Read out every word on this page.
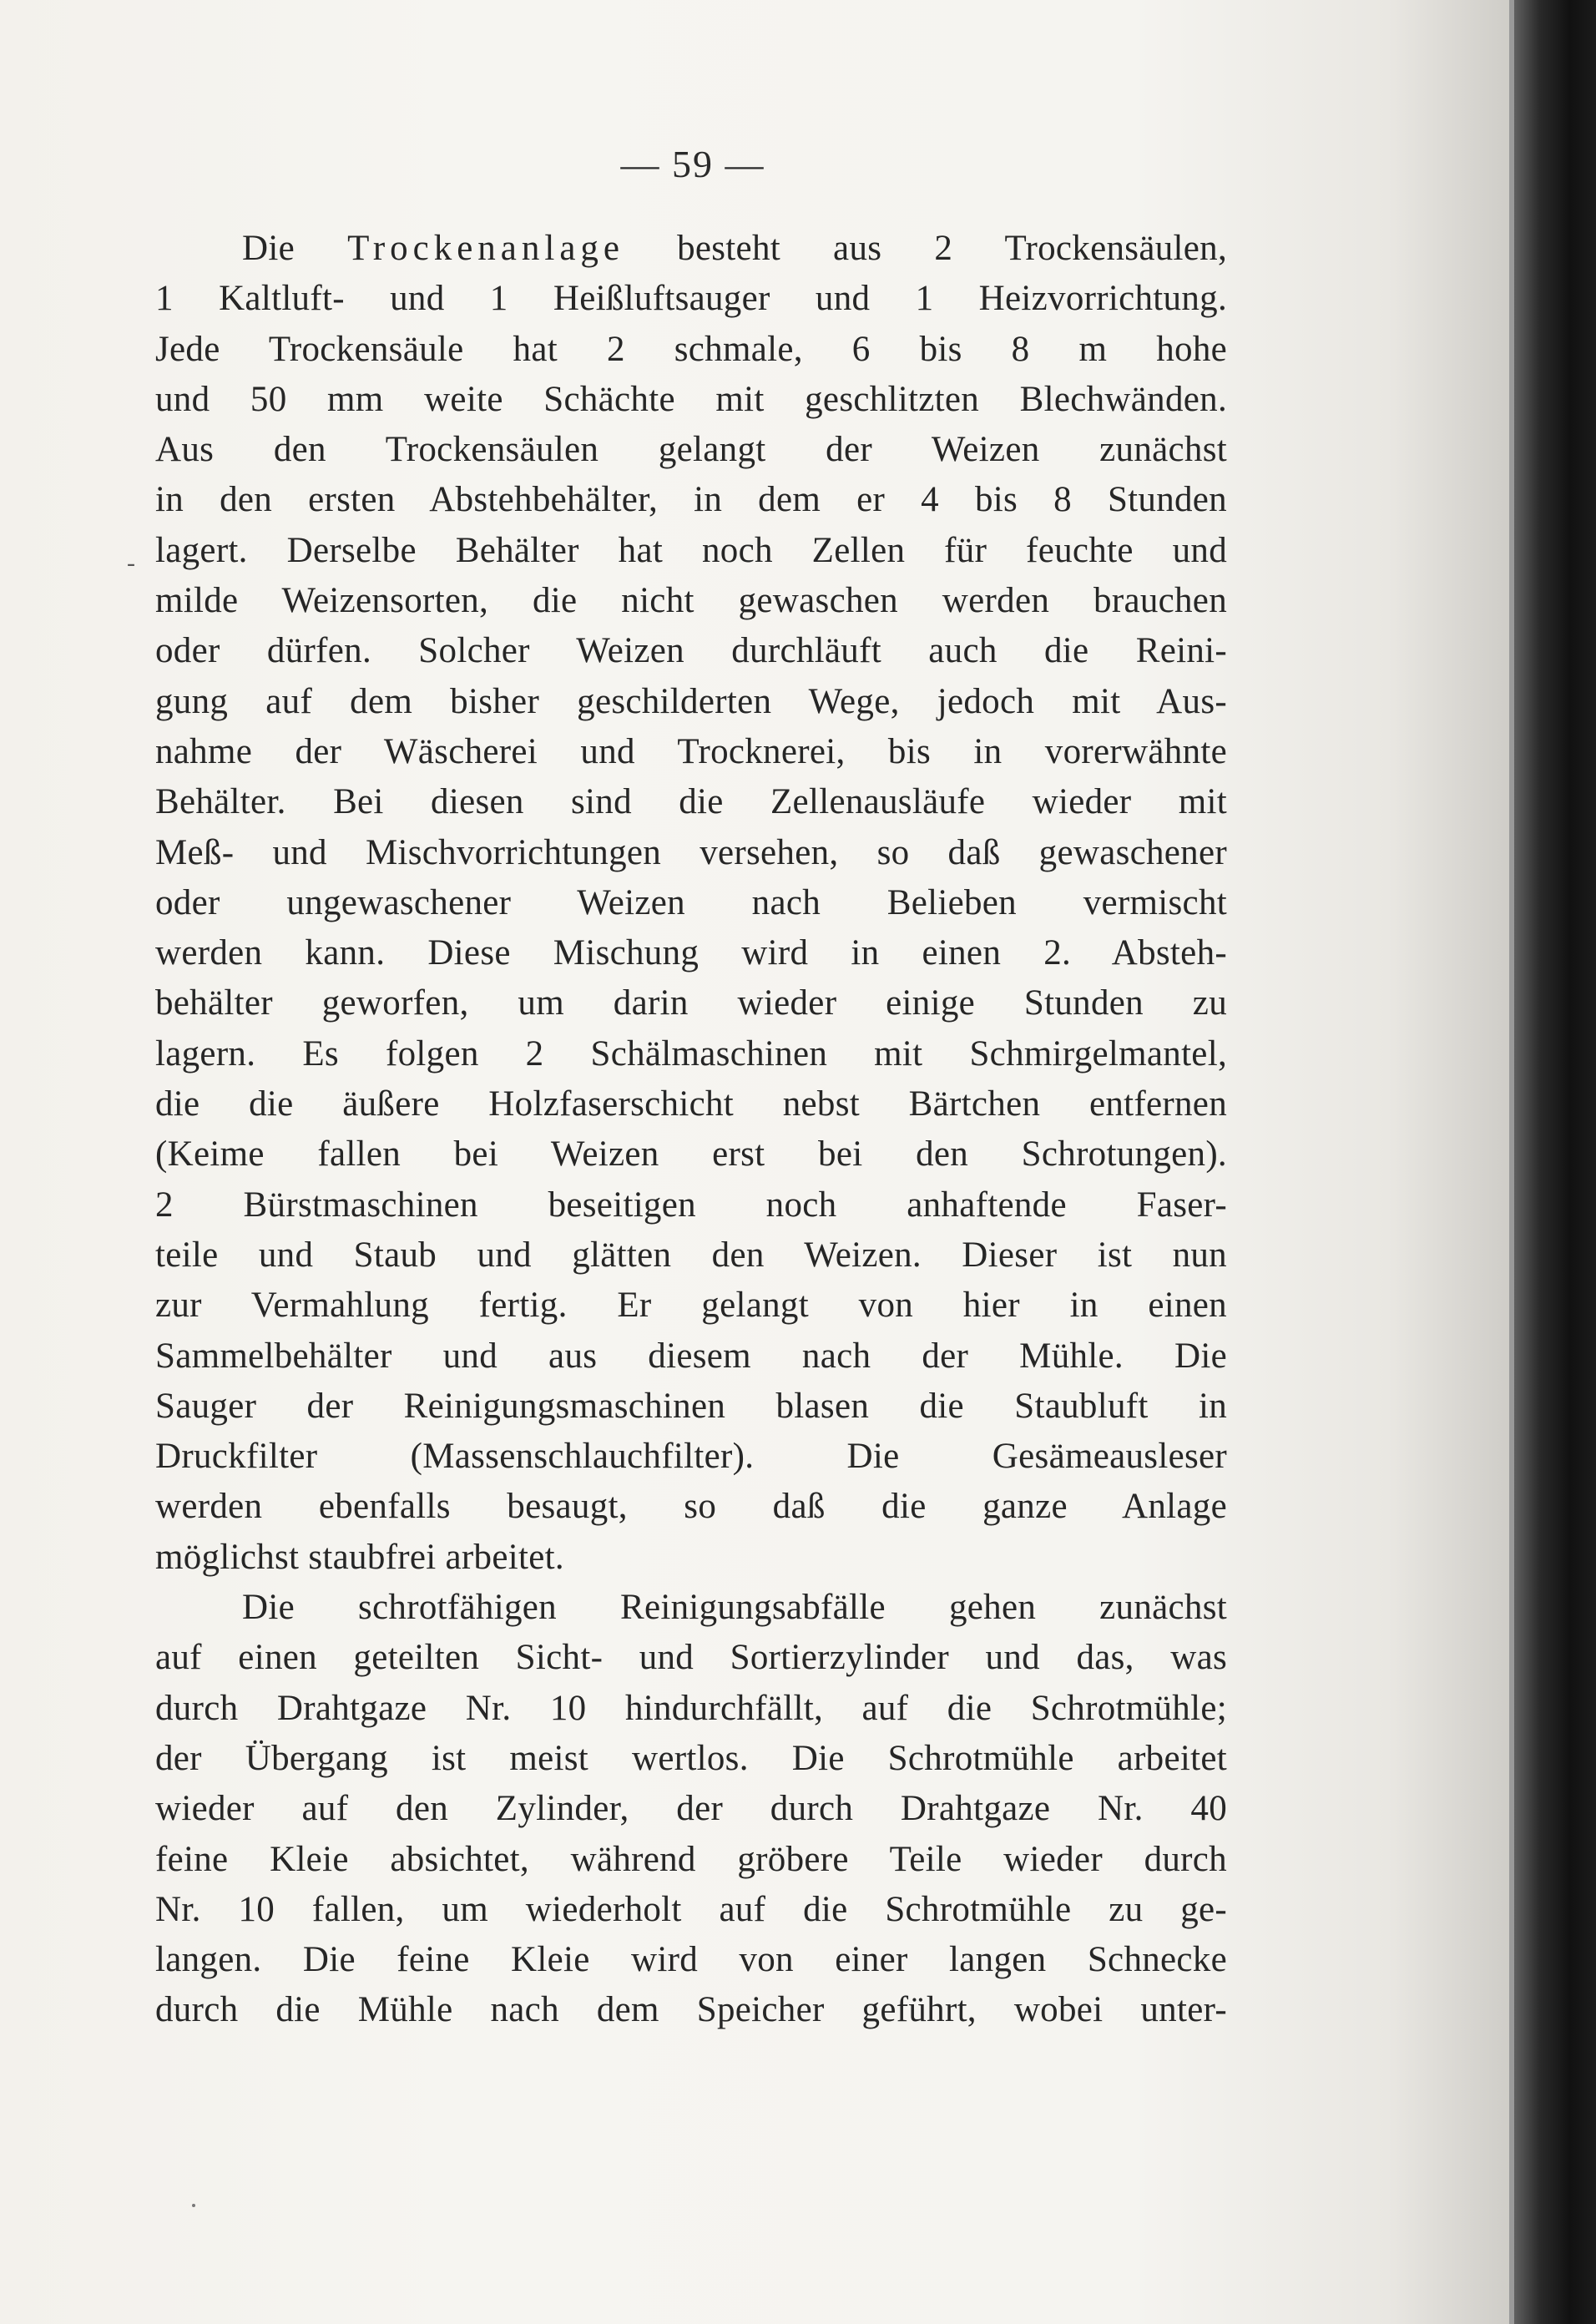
— 59 —
-
Die Trockenanlage besteht aus 2 Trockensäulen,
1 Kaltluft- und 1 Heißluftsauger und 1 Heizvorrichtung.
Jede Trockensäule hat 2 schmale, 6 bis 8 m hohe
und 50 mm weite Schächte mit geschlitzten Blechwänden.
Aus den Trockensäulen gelangt der Weizen zunächst
in den ersten Abstehbehälter, in dem er 4 bis 8 Stunden
lagert. Derselbe Behälter hat noch Zellen für feuchte und
milde Weizensorten, die nicht gewaschen werden brauchen
oder dürfen. Solcher Weizen durchläuft auch die Reini-
gung auf dem bisher geschilderten Wege, jedoch mit Aus-
nahme der Wäscherei und Trocknerei, bis in vorerwähnte
Behälter. Bei diesen sind die Zellenausläufe wieder mit
Meß- und Mischvorrichtungen versehen, so daß gewaschener
oder ungewaschener Weizen nach Belieben vermischt
werden kann. Diese Mischung wird in einen 2. Absteh-
behälter geworfen, um darin wieder einige Stunden zu
lagern. Es folgen 2 Schälmaschinen mit Schmirgelmantel,
die die äußere Holzfaserschicht nebst Bärtchen entfernen
(Keime fallen bei Weizen erst bei den Schrotungen).
2 Bürstmaschinen beseitigen noch anhaftende Faser-
teile und Staub und glätten den Weizen. Dieser ist nun
zur Vermahlung fertig. Er gelangt von hier in einen
Sammelbehälter und aus diesem nach der Mühle. Die
Sauger der Reinigungsmaschinen blasen die Staubluft in
Druckfilter (Massenschlauchfilter). Die Gesämeausleser
werden ebenfalls besaugt, so daß die ganze Anlage
möglichst staubfrei arbeitet.
Die schrotfähigen Reinigungsabfälle gehen zunächst
auf einen geteilten Sicht- und Sortierzylinder und das, was
durch Drahtgaze Nr. 10 hindurchfällt, auf die Schrotmühle;
der Übergang ist meist wertlos. Die Schrotmühle arbeitet
wieder auf den Zylinder, der durch Drahtgaze Nr. 40
feine Kleie absichtet, während gröbere Teile wieder durch
Nr. 10 fallen, um wiederholt auf die Schrotmühle zu ge-
langen. Die feine Kleie wird von einer langen Schnecke
durch die Mühle nach dem Speicher geführt, wobei unter-
